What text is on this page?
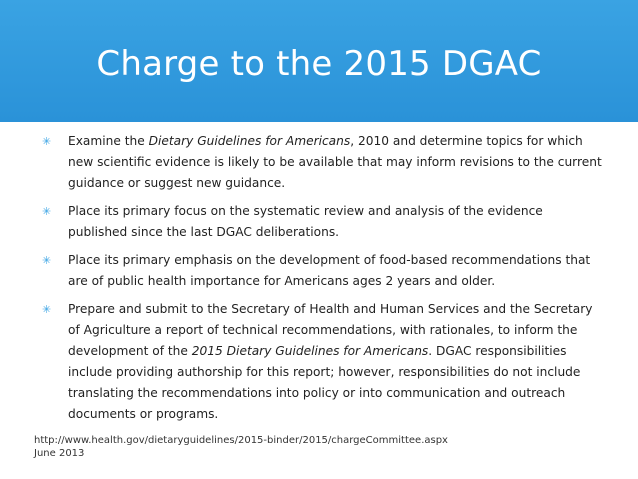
Charge to the 2015 DGAC
✳ Examine the Dietary Guidelines for Americans, 2010 and determine topics for which new scientific evidence is likely to be available that may inform revisions to the current guidance or suggest new guidance.
✳ Place its primary focus on the systematic review and analysis of the evidence published since the last DGAC deliberations.
✳ Place its primary emphasis on the development of food-based recommendations that are of public health importance for Americans ages 2 years and older.
✳ Prepare and submit to the Secretary of Health and Human Services and the Secretary of Agriculture a report of technical recommendations, with rationales, to inform the development of the 2015 Dietary Guidelines for Americans. DGAC responsibilities include providing authorship for this report; however, responsibilities do not include translating the recommendations into policy or into communication and outreach documents or programs.
http://www.health.gov/dietaryguidelines/2015-binder/2015/chargeCommittee.aspx
June 2013
